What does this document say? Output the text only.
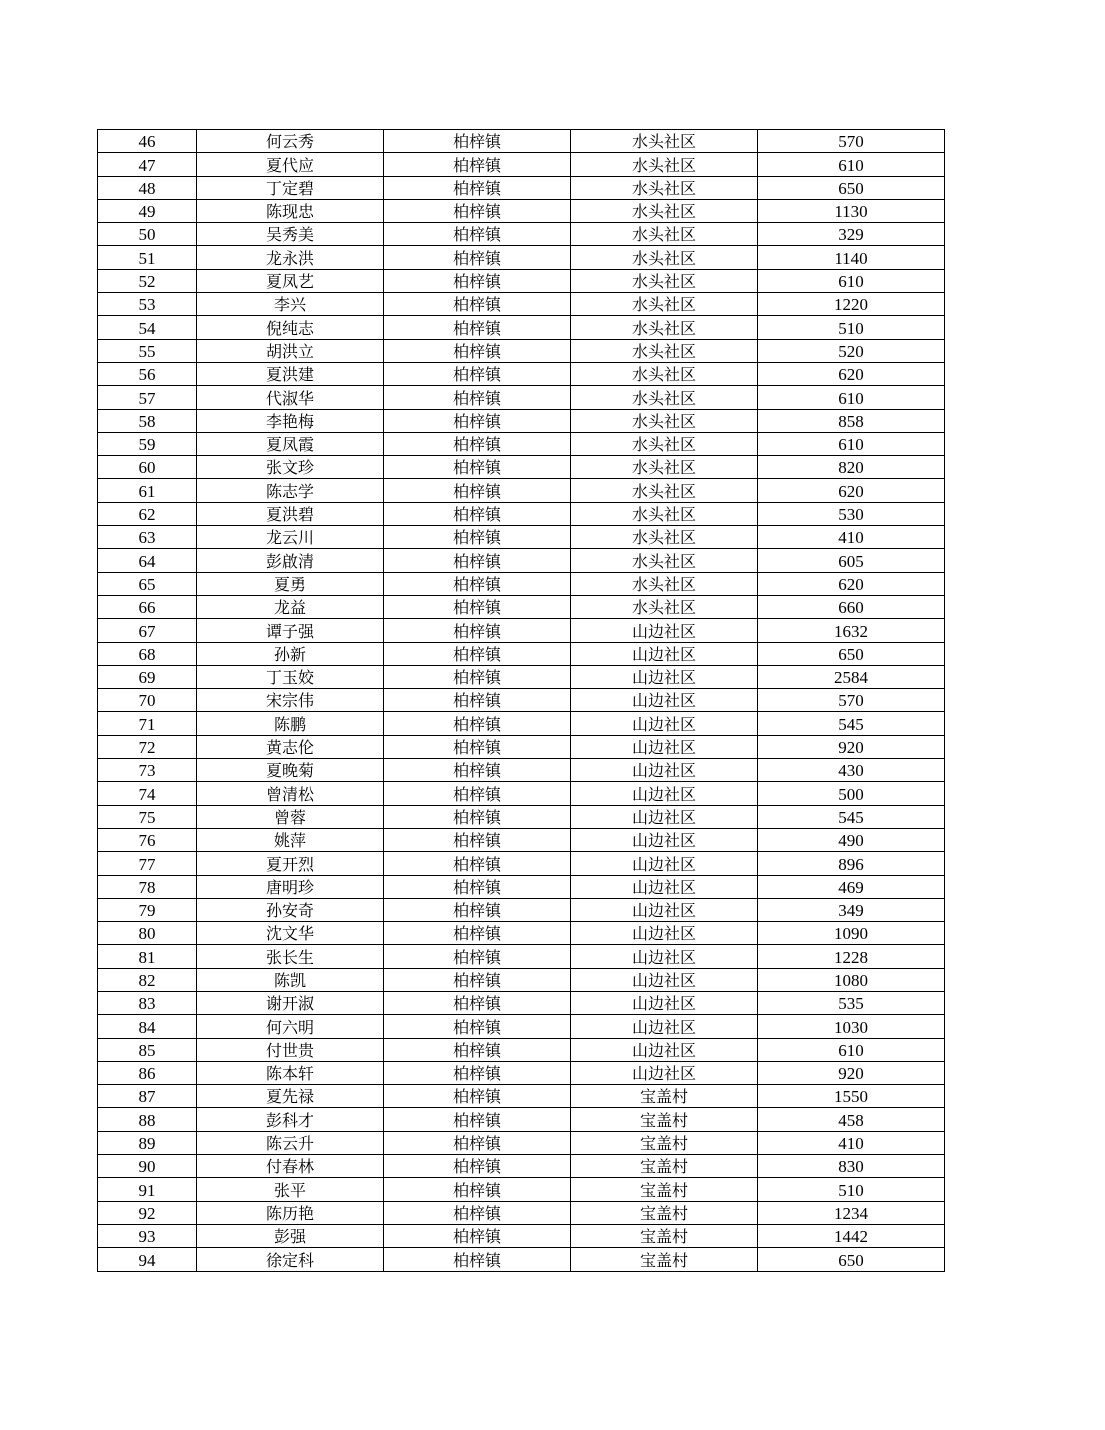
46	何云秀	柏梓镇	水头社区	570
47	夏代应	柏梓镇	水头社区	610
48	丁定碧	柏梓镇	水头社区	650
49	陈现忠	柏梓镇	水头社区	1130
50	吴秀美	柏梓镇	水头社区	329
51	龙永洪	柏梓镇	水头社区	1140
52	夏凤艺	柏梓镇	水头社区	610
53	李兴	柏梓镇	水头社区	1220
54	倪纯志	柏梓镇	水头社区	510
55	胡洪立	柏梓镇	水头社区	520
56	夏洪建	柏梓镇	水头社区	620
57	代淑华	柏梓镇	水头社区	610
58	李艳梅	柏梓镇	水头社区	858
59	夏凤霞	柏梓镇	水头社区	610
60	张文珍	柏梓镇	水头社区	820
61	陈志学	柏梓镇	水头社区	620
62	夏洪碧	柏梓镇	水头社区	530
63	龙云川	柏梓镇	水头社区	410
64	彭啟清	柏梓镇	水头社区	605
65	夏勇	柏梓镇	水头社区	620
66	龙益	柏梓镇	水头社区	660
67	谭子强	柏梓镇	山边社区	1632
68	孙新	柏梓镇	山边社区	650
69	丁玉姣	柏梓镇	山边社区	2584
70	宋宗伟	柏梓镇	山边社区	570
71	陈鹏	柏梓镇	山边社区	545
72	黄志伦	柏梓镇	山边社区	920
73	夏晚菊	柏梓镇	山边社区	430
74	曾清松	柏梓镇	山边社区	500
75	曾蓉	柏梓镇	山边社区	545
76	姚萍	柏梓镇	山边社区	490
77	夏开烈	柏梓镇	山边社区	896
78	唐明珍	柏梓镇	山边社区	469
79	孙安奇	柏梓镇	山边社区	349
80	沈文华	柏梓镇	山边社区	1090
81	张长生	柏梓镇	山边社区	1228
82	陈凯	柏梓镇	山边社区	1080
83	谢开淑	柏梓镇	山边社区	535
84	何六明	柏梓镇	山边社区	1030
85	付世贵	柏梓镇	山边社区	610
86	陈本轩	柏梓镇	山边社区	920
87	夏先禄	柏梓镇	宝盖村	1550
88	彭科才	柏梓镇	宝盖村	458
89	陈云升	柏梓镇	宝盖村	410
90	付春林	柏梓镇	宝盖村	830
91	张平	柏梓镇	宝盖村	510
92	陈历艳	柏梓镇	宝盖村	1234
93	彭强	柏梓镇	宝盖村	1442
94	徐定科	柏梓镇	宝盖村	650
